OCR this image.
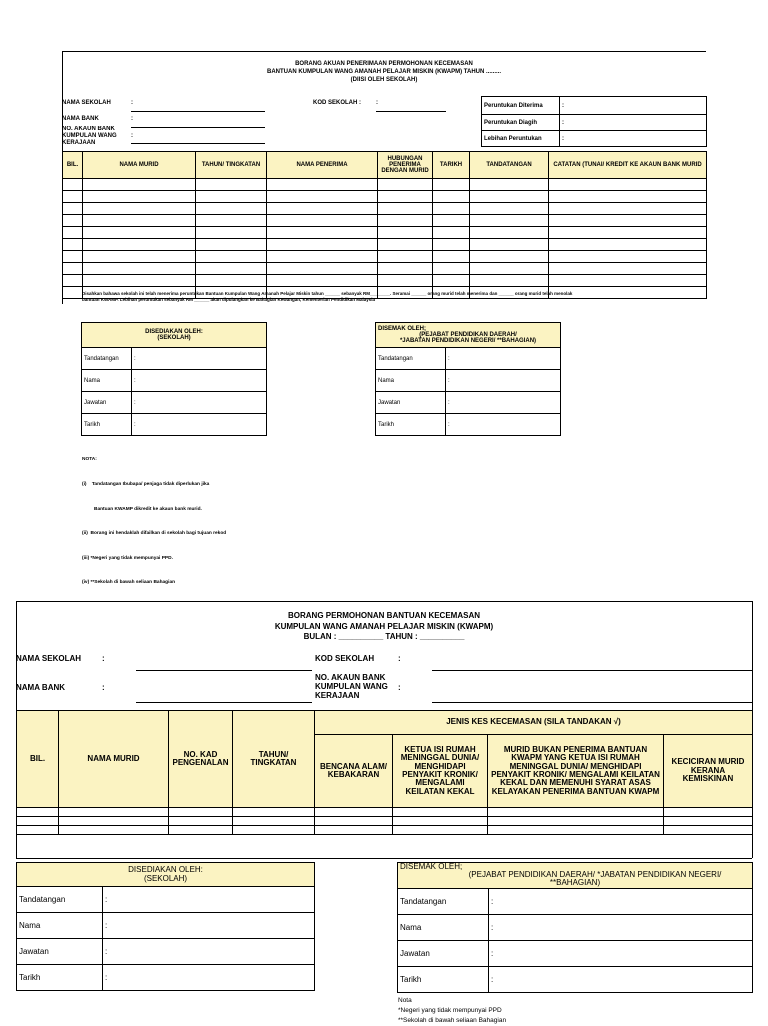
BORANG AKUAN PENERIMAAN PERMOHONAN KECEMASAN
BANTUAN KUMPULAN WANG AMANAH PELAJAR MISKIN (KWAPM) TAHUN .........
(DIISI OLEH SEKOLAH)
NAMA SEKOLAH	:
NAMA BANK	:
NO. AKAUN BANK KUMPULAN WANG KERAJAAN
:
KOD SEKOLAH :	:	Peruntukan Diterima	:
Peruntukan Diagih	:
Lebihan Peruntukan	:
BIL.	NAMA MURID	TAHUN/ TINGKATAN	NAMA PENERIMA	HUBUNGAN PENERIMA DENGAN MURID	TARIKH	TANDATANGAN	CATATAN (TUNAI/ KREDIT KE AKAUN BANK MURID

Disahkan bahawa sekolah ini telah menerima peruntukan Bantuan Kumpulan Wang Amanah Pelajar Miskin tahun ______ sebanyak RM________. Seramai ______ orang murid telah menerima dan ______ orang murid telah menolak
bantuan KWAMP. Lebihan peruntukan sebanyak RM ______ akan dipulangkan ke Bahagian Kewangan, Kementerian Pendidikan Malaysia
DISEDIAKAN OLEH:
(SEKOLAH)	

Tandatangan	:
Nama	:
Jawatan	:
Tarikh	:
DISEMAK OLEH;
(PEJABAT PENDIDIKAN DAERAH/
*JABATAN PENDIDIKAN NEGERI/ **BAHAGIAN)	

Tandatangan	:
Nama	:
Jawatan	:
Tarikh	:

NOTA:

(i)    Tandatangan Ibubapa/ penjaga tidak diperlukan jika

Bantuan KWAMP dikredit ke akaun bank murid.

(ii)  Borang ini hendaklah difailkan di sekolah bagi tujuan rekod

(iii) *Negeri yang tidak mempunyai PPD.

(iv) **Sekolah di bawah seliaan Bahagian

BORANG PERMOHONAN BANTUAN KECEMASAN
KUMPULAN WANG AMANAH PELAJAR MISKIN (KWAPM)
BULAN : __________ TAHUN : __________
NAMA SEKOLAH	:
NAMA BANK	:
KOD SEKOLAH	:
NO. AKAUN BANK KUMPULAN WANG KERAJAAN
:
BIL.	NAMA MURID	NO. KAD PENGENALAN	TAHUN/ TINGKATAN	JENIS KES KECEMASAN (SILA TANDAKAN √)			
				BENCANA ALAM/ KEBAKARAN	KETUA ISI RUMAH MENINGGAL DUNIA/ MENGHIDAPI PENYAKIT KRONIK/ MENGALAMI KEILATAN KEKAL	MURID BUKAN PENERIMA BANTUAN KWAPM YANG KETUA ISI RUMAH MENINGGAL DUNIA/ MENGHIDAPI PENYAKIT KRONIK/ MENGALAMI KEILATAN KEKAL DAN MEMENUHI SYARAT ASAS KELAYAKAN PENERIMA BANTUAN KWAPM	KECICIRAN MURID KERANA KEMISKINAN

DISEDIAKAN OLEH:
(SEKOLAH)	

Tandatangan	:
Nama	:
Jawatan	:
Tarikh	:
DISEMAK OLEH;
(PEJABAT PENDIDIKAN DAERAH/ *JABATAN PENDIDIKAN NEGERI/
**BAHAGIAN)	

Tandatangan	:
Nama	:
Jawatan	:
Tarikh	:
Nota
*Negeri yang tidak mempunyai PPD
**Sekolah di bawah seliaan Bahagian
